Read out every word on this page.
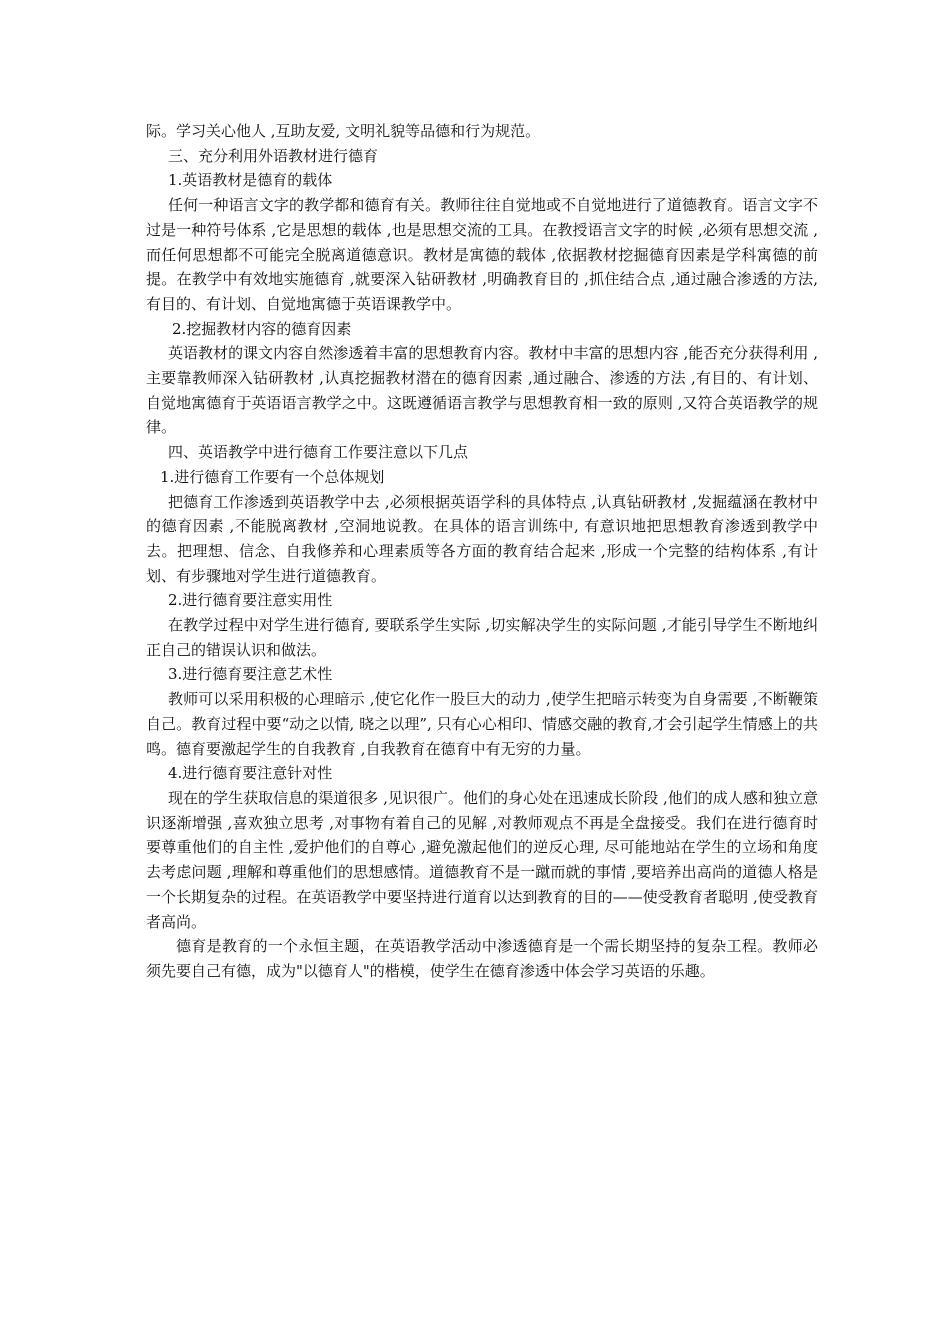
际。学习关心他人 ,互助友爱, 文明礼貌等品德和行为规范。

三、充分利用外语教材进行德育

1.英语教材是德育的载体

任何一种语言文字的教学都和德育有关。教师往往自觉地或不自觉地进行了道德教育。语言文字不过是一种符号体系 ,它是思想的载体 ,也是思想交流的工具。在教授语言文字的时候 ,必须有思想交流 ,而任何思想都不可能完全脱离道德意识。教材是寓德的载体 ,依据教材挖掘德育因素是学科寓德的前提。在教学中有效地实施德育 ,就要深入钻研教材 ,明确教育目的 ,抓住结合点 ,通过融合渗透的方法, 有目的、有计划、自觉地寓德于英语课教学中。

2.挖掘教材内容的德育因素

英语教材的课文内容自然渗透着丰富的思想教育内容。教材中丰富的思想内容 ,能否充分获得利用 ,主要靠教师深入钻研教材 ,认真挖掘教材潜在的德育因素 ,通过融合、渗透的方法 ,有目的、有计划、自觉地寓德育于英语语言教学之中。这既遵循语言教学与思想教育相一致的原则 ,又符合英语教学的规律。

四、英语教学中进行德育工作要注意以下几点

1.进行德育工作要有一个总体规划

把德育工作渗透到英语教学中去 ,必须根据英语学科的具体特点 ,认真钻研教材 ,发掘蕴涵在教材中的德育因素 ,不能脱离教材 ,空洞地说教。在具体的语言训练中, 有意识地把思想教育渗透到教学中去。把理想、信念、自我修养和心理素质等各方面的教育结合起来 ,形成一个完整的结构体系 ,有计划、有步骤地对学生进行道德教育。

2.进行德育要注意实用性

在教学过程中对学生进行德育, 要联系学生实际 ,切实解决学生的实际问题 ,才能引导学生不断地纠正自己的错误认识和做法。

3.进行德育要注意艺术性

教师可以采用积极的心理暗示 ,使它化作一股巨大的动力 ,使学生把暗示转变为自身需要 ,不断鞭策自己。教育过程中要“动之以情, 晓之以理”, 只有心心相印、情感交融的教育,才会引起学生情感上的共鸣。德育要激起学生的自我教育 ,自我教育在德育中有无穷的力量。

4.进行德育要注意针对性

现在的学生获取信息的渠道很多 ,见识很广。他们的身心处在迅速成长阶段 ,他们的成人感和独立意识逐渐增强 ,喜欢独立思考 ,对事物有着自己的见解 ,对教师观点不再是全盘接受。我们在进行德育时要尊重他们的自主性 ,爱护他们的自尊心 ,避免激起他们的逆反心理, 尽可能地站在学生的立场和角度去考虑问题 ,理解和尊重他们的思想感情。道德教育不是一蹴而就的事情 ,要培养出高尚的道德人格是一个长期复杂的过程。在英语教学中要坚持进行道育以达到教育的目的——使受教育者聪明 ,使受教育者高尚。

德育是教育的一个永恒主题，在英语教学活动中渗透德育是一个需长期坚持的复杂工程。教师必须先要自己有德，成为"以德育人"的楷模，使学生在德育渗透中体会学习英语的乐趣。
